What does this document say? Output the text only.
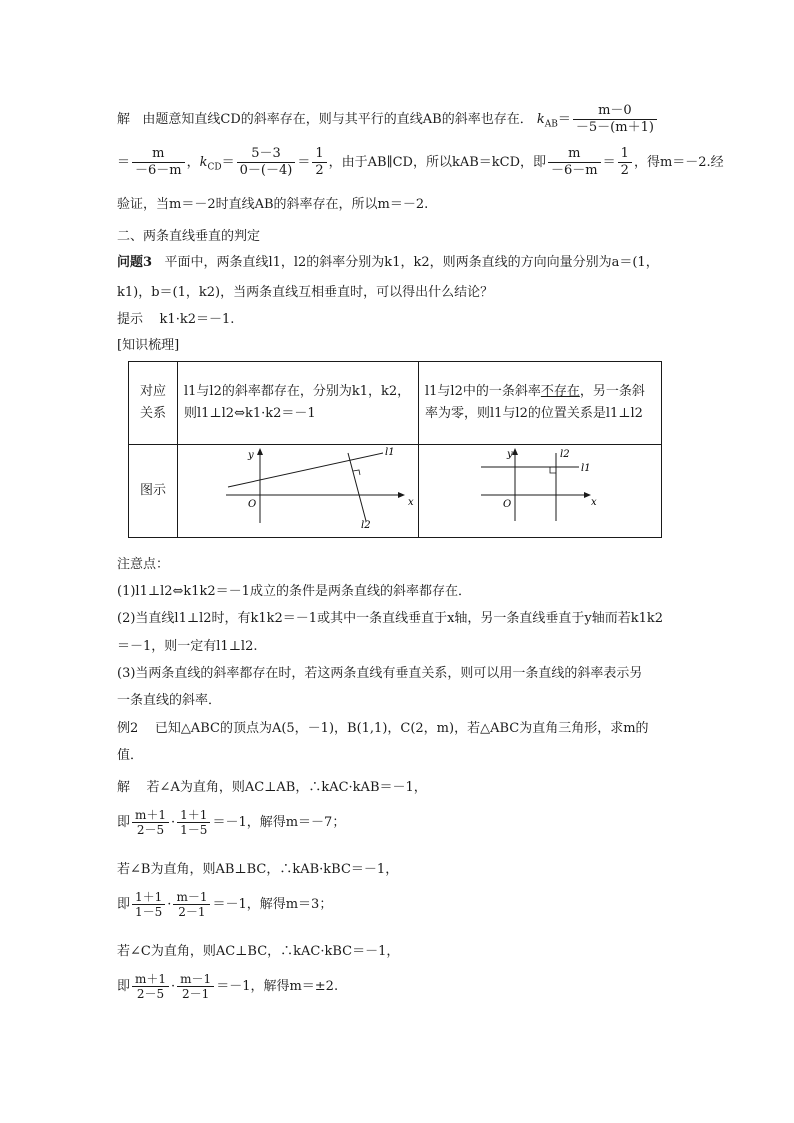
解 由题意知直线CD的斜率存在，则与其平行的直线AB的斜率也存在． $k_{AB}= \frac{m-0}{-5-(m+1)}$
＝ $\frac{m}{-6-m}$ ，$k_{CD}= \frac{5-3}{0-(-4)} = \frac{1}{2}$ ，由于AB∥CD，所以kAB＝kCD，即 $\frac{m}{-6-m} = \frac{1}{2}$ ，得m＝－2.经
验证，当m＝－2时直线AB的斜率存在，所以m＝－2.
二、两条直线垂直的判定
问题3 平面中，两条直线l1，l2的斜率分别为k1，k2，则两条直线的方向向量分别为a＝(1，
k1)，b＝(1，k2)，当两条直线互相垂直时，可以得出什么结论？
提示 k1·k2＝－1.
[知识梳理]
对应关系	l1与l2的斜率都存在，分别为k1，k2，则l1⊥l2⇔k1·k2＝－1	l1与l2中的一条斜率不存在，另一条斜率为零，则l1与l2的位置关系是l1⊥l2
图示	y
x
O
l1
l2	y
x
O
l1
l2
注意点：
(1)l1⊥l2⇔k1k2＝－1成立的条件是两条直线的斜率都存在．
(2)当直线l1⊥l2时，有k1k2＝－1或其中一条直线垂直于x轴，另一条直线垂直于y轴而若k1k2
＝－1，则一定有l1⊥l2.
(3)当两条直线的斜率都存在时，若这两条直线有垂直关系，则可以用一条直线的斜率表示另
一条直线的斜率．
例2 已知△ABC的顶点为A(5，－1)，B(1,1)，C(2，m)，若△ABC为直角三角形，求m的
值．
解 若∠A为直角，则AC⊥AB，∴kAC·kAB＝－1，
即 $\frac{m+1}{2-5} \cdot \frac{1+1}{1-5} =-1$，解得m＝－7；
若∠B为直角，则AB⊥BC，∴kAB·kBC＝－1，
即 $\frac{1+1}{1-5} \cdot \frac{m-1}{2-1} =-1$，解得m＝3；
若∠C为直角，则AC⊥BC，∴kAC·kBC＝－1，
即 $\frac{m+1}{2-5} \cdot \frac{m-1}{2-1} =-1$，解得m＝±2.
